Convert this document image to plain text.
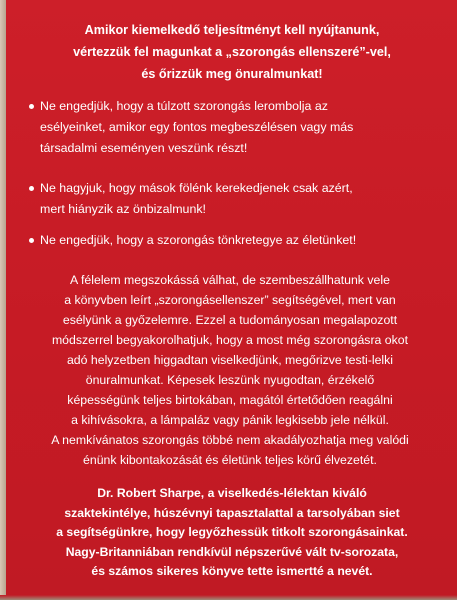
Amikor kiemelkedő teljesítményt kell nyújtanunk,
vértezzük fel magunkat a „szorongás ellenszeré”-vel,
és őrizzük meg önuralmunkat!
Ne engedjük, hogy a túlzott szorongás lerombolja az
esélyeinket, amikor egy fontos megbeszélésen vagy más
társadalmi eseményen veszünk részt!
Ne hagyjuk, hogy mások fölénk kerekedjenek csak azért,
mert hiányzik az önbizalmunk!
Ne engedjük, hogy a szorongás tönkretegye az életünket!
A félelem megszokássá válhat, de szembeszállhatunk vele
a könyvben leírt „szorongásellenszer” segítségével, mert van
esélyünk a győzelemre. Ezzel a tudományosan megalapozott
módszerrel begyakorolhatjuk, hogy a most még szorongásra okot
adó helyzetben higgadtan viselkedjünk, megőrizve testi-lelki
önuralmunkat. Képesek leszünk nyugodtan, érzékelő
képességünk teljes birtokában, magától értetődően reagálni
a kihívásokra, a lámpaláz vagy pánik legkisebb jele nélkül.
A nemkívánatos szorongás többé nem akadályozhatja meg valódi
énünk kibontakozását és életünk teljes körű élvezetét.
Dr. Robert Sharpe, a viselkedés-lélektan kiváló
szaktekintélye, húszévnyi tapasztalattal a tarsolyában siet
a segítségünkre, hogy legyőzhessük titkolt szorongásainkat.
Nagy-Britanniában rendkívül népszerűvé vált tv-sorozata,
és számos sikeres könyve tette ismertté a nevét.
